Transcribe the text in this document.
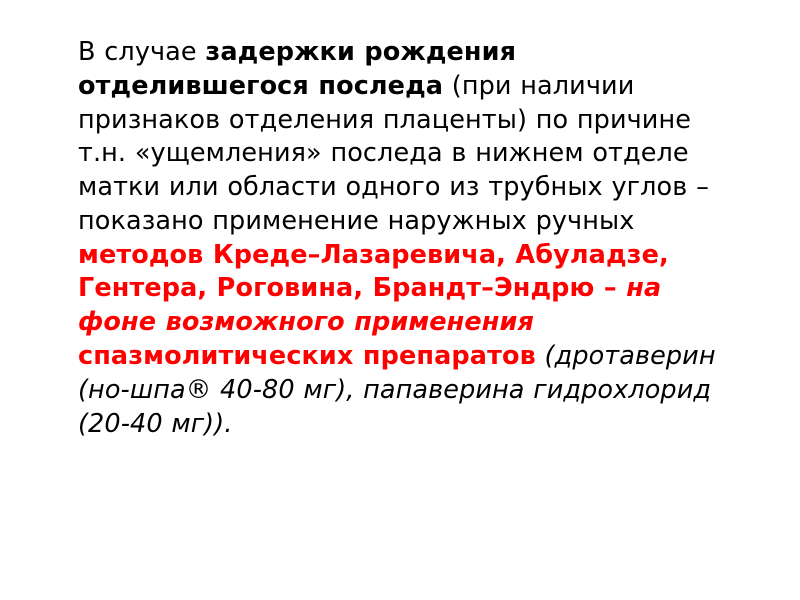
В случае задержки рождения отделившегося последа (при наличии признаков отделения плаценты) по причине т.н. «ущемления» последа в нижнем отделе матки или области одного из трубных углов – показано применение наружных ручных методов Креде–Лазаревича, Абуладзе, Гентера, Роговина, Брандт–Эндрю – на фоне возможного применения спазмолитических препаратов (дротаверин (но-шпа® 40-80 мг), папаверина гидрохлорид (20-40 мг)).
